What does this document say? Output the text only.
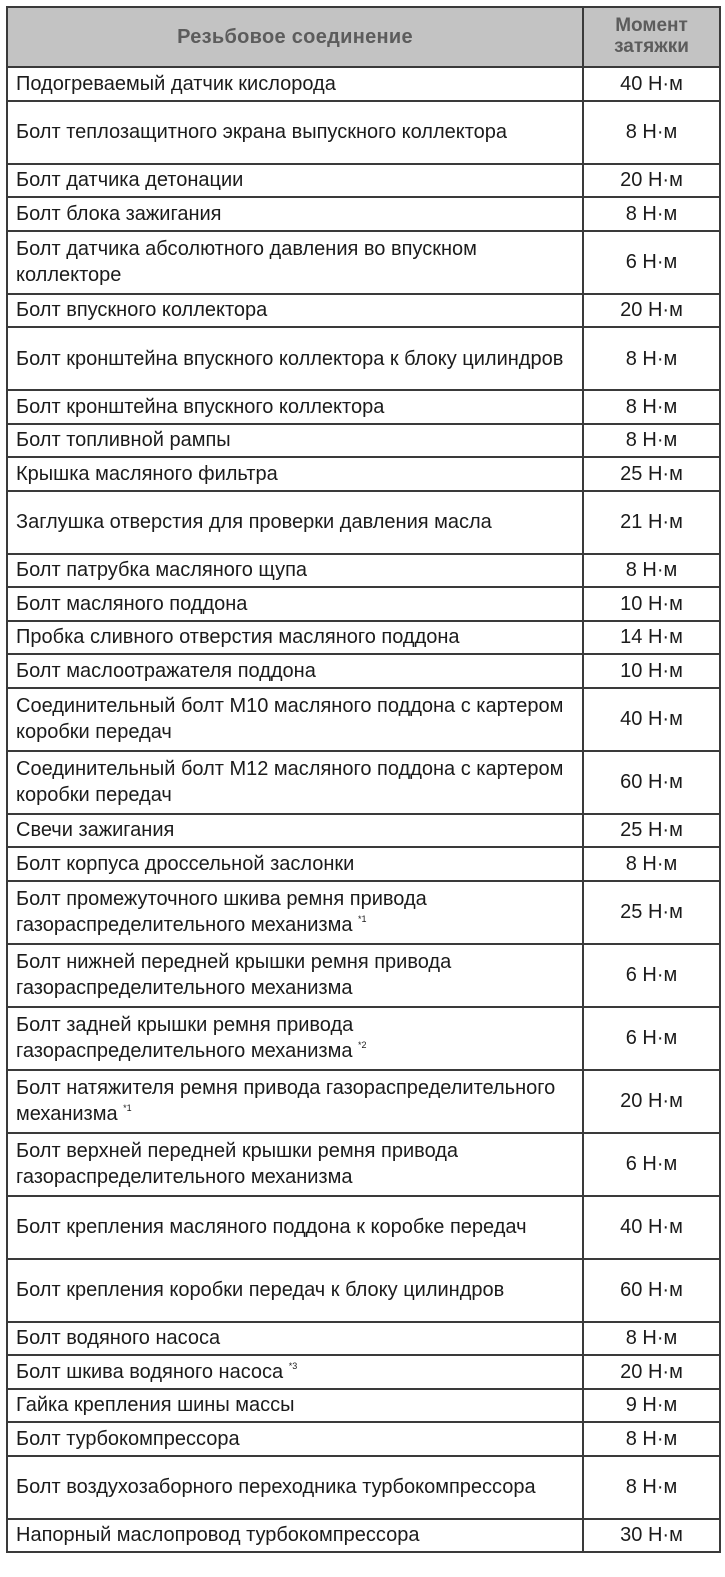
Резьбовое соединение	Момент
затяжки
Подогреваемый датчик кислорода	40 Н·м
Болт теплозащитного экрана выпускного коллектора	8 Н·м
Болт датчика детонации	20 Н·м
Болт блока зажигания	8 Н·м
Болт датчика абсолютного давления во впускном коллекторе	6 Н·м
Болт впускного коллектора	20 Н·м
Болт кронштейна впускного коллектора к блоку цилиндров	8 Н·м
Болт кронштейна впускного коллектора	8 Н·м
Болт топливной рампы	8 Н·м
Крышка масляного фильтра	25 Н·м
Заглушка отверстия для проверки давления масла	21 Н·м
Болт патрубка масляного щупа	8 Н·м
Болт масляного поддона	10 Н·м
Пробка сливного отверстия масляного поддона	14 Н·м
Болт маслоотражателя поддона	10 Н·м
Соединительный болт М10 масляного поддона с картером коробки передач	40 Н·м
Соединительный болт М12 масляного поддона с картером коробки передач	60 Н·м
Свечи зажигания	25 Н·м
Болт корпуса дроссельной заслонки	8 Н·м
Болт промежуточного шкива ремня привода газораспределительного механизма $^{*1}$	25 Н·м
Болт нижней передней крышки ремня привода газораспределительного механизма	6 Н·м
Болт задней крышки ремня привода газораспределительного механизма $^{*2}$	6 Н·м
Болт натяжителя ремня привода газораспределительного механизма $^{*1}$	20 Н·м
Болт верхней передней крышки ремня привода газораспределительного механизма	6 Н·м
Болт крепления масляного поддона к коробке передач	40 Н·м
Болт крепления коробки передач к блоку цилиндров	60 Н·м
Болт водяного насоса	8 Н·м
Болт шкива водяного насоса $^{*3}$	20 Н·м
Гайка крепления шины массы	9 Н·м
Болт турбокомпрессора	8 Н·м
Болт воздухозаборного переходника турбокомпрессора	8 Н·м
Напорный маслопровод турбокомпрессора	30 Н·м
